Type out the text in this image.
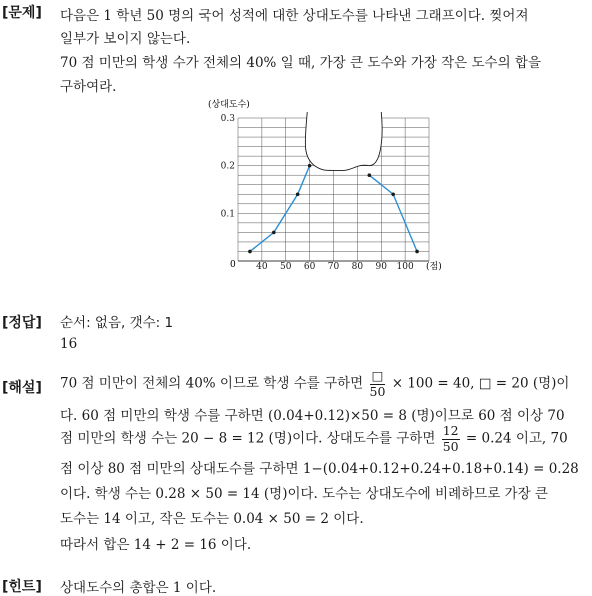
[문제] 다음은 1 학년 50 명의 국어 성적에 대한 상대도수를 나타낸 그래프이다. 찢어져
일부가 보이지 않는다.
70 점 미만의 학생 수가 전체의 40% 일 때, 가장 큰 도수와 가장 작은 도수의 합을
구하여라.
(상대도수)
40 50 60 70 80 90 100
0.1
0.2
0.3
0	(점)
[정답] 순서: 없음, 갯수: 1
16
[해설] 70 점 미만이 전체의 40% 이므로 학생 수를 구하면 $\frac{□}{50} \times 100 = 40$, □ = 20 (명)이
다. 60 점 미만의 학생 수를 구하면 (0.04+0.12)×50 = 8 (명)이므로 60 점 이상 70
점 미만의 학생 수는 20 − 8 = 12 (명)이다. 상대도수를 구하면 $\frac{12}{50} = 0.24$ 이고, 70
점 이상 80 점 미만의 상대도수를 구하면 1−(0.04+0.12+0.24+0.18+0.14) = 0.28
이다. 학생 수는 0.28 × 50 = 14 (명)이다. 도수는 상대도수에 비례하므로 가장 큰
도수는 14 이고, 작은 도수는 0.04 × 50 = 2 이다.
따라서 합은 14 + 2 = 16 이다.
[힌트] 상대도수의 총합은 1 이다.
